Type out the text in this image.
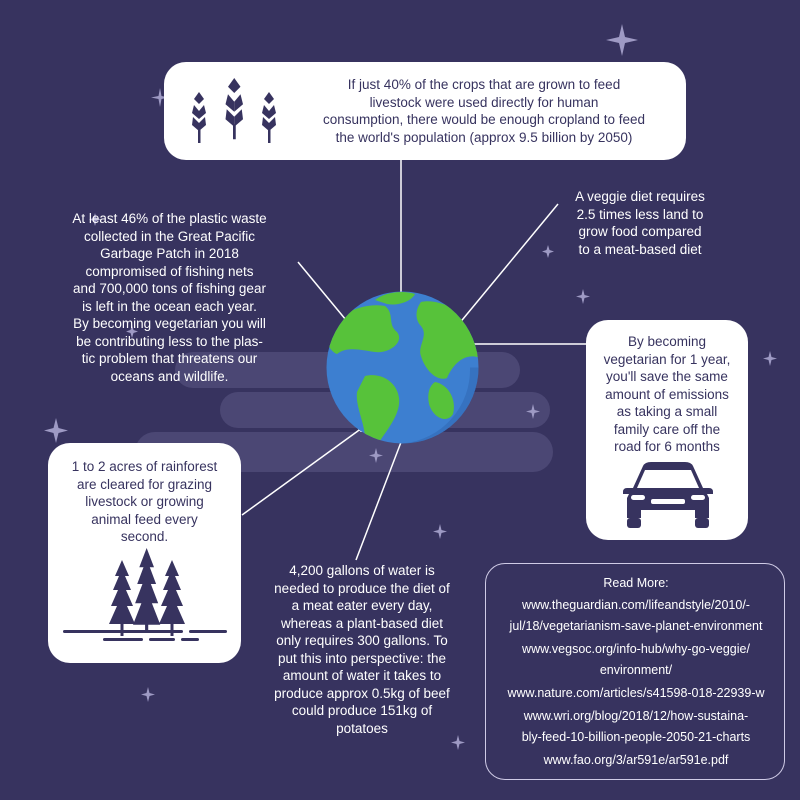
If just 40% of the crops that are grown to feed
livestock were used directly for human
consumption, there would be enough cropland to feed
the world's population (approx 9.5 billion by 2050)
A veggie diet requires
2.5 times less land to
grow food compared
to a meat-based diet
At least 46% of the plastic waste
collected in the Great Pacific
Garbage Patch in 2018
compromised of fishing nets
and 700,000 tons of fishing gear
is left in the ocean each year.
By becoming vegetarian you will
be contributing less to the plas-
tic problem that threatens our
oceans and wildlife.
By becoming
vegetarian for 1 year,
you'll save the same
amount of emissions
as taking a small
family care off the
road for 6 months
1 to 2 acres of rainforest
are cleared for grazing
livestock or growing
animal feed every
second.
4,200 gallons of water is
needed to produce the diet of
a meat eater every day,
whereas a plant-based diet
only requires 300 gallons. To
put this into perspective: the
amount of water it takes to
produce approx 0.5kg of beef
could produce 151kg of
potatoes
Read More:
www.theguardian.com/lifeandstyle/2010/-
jul/18/vegetarianism-save-planet-environment
www.vegsoc.org/info-hub/why-go-veggie/
environment/
www.nature.com/articles/s41598-018-22939-w
www.wri.org/blog/2018/12/how-sustaina-
bly-feed-10-billion-people-2050-21-charts
www.fao.org/3/ar591e/ar591e.pdf
